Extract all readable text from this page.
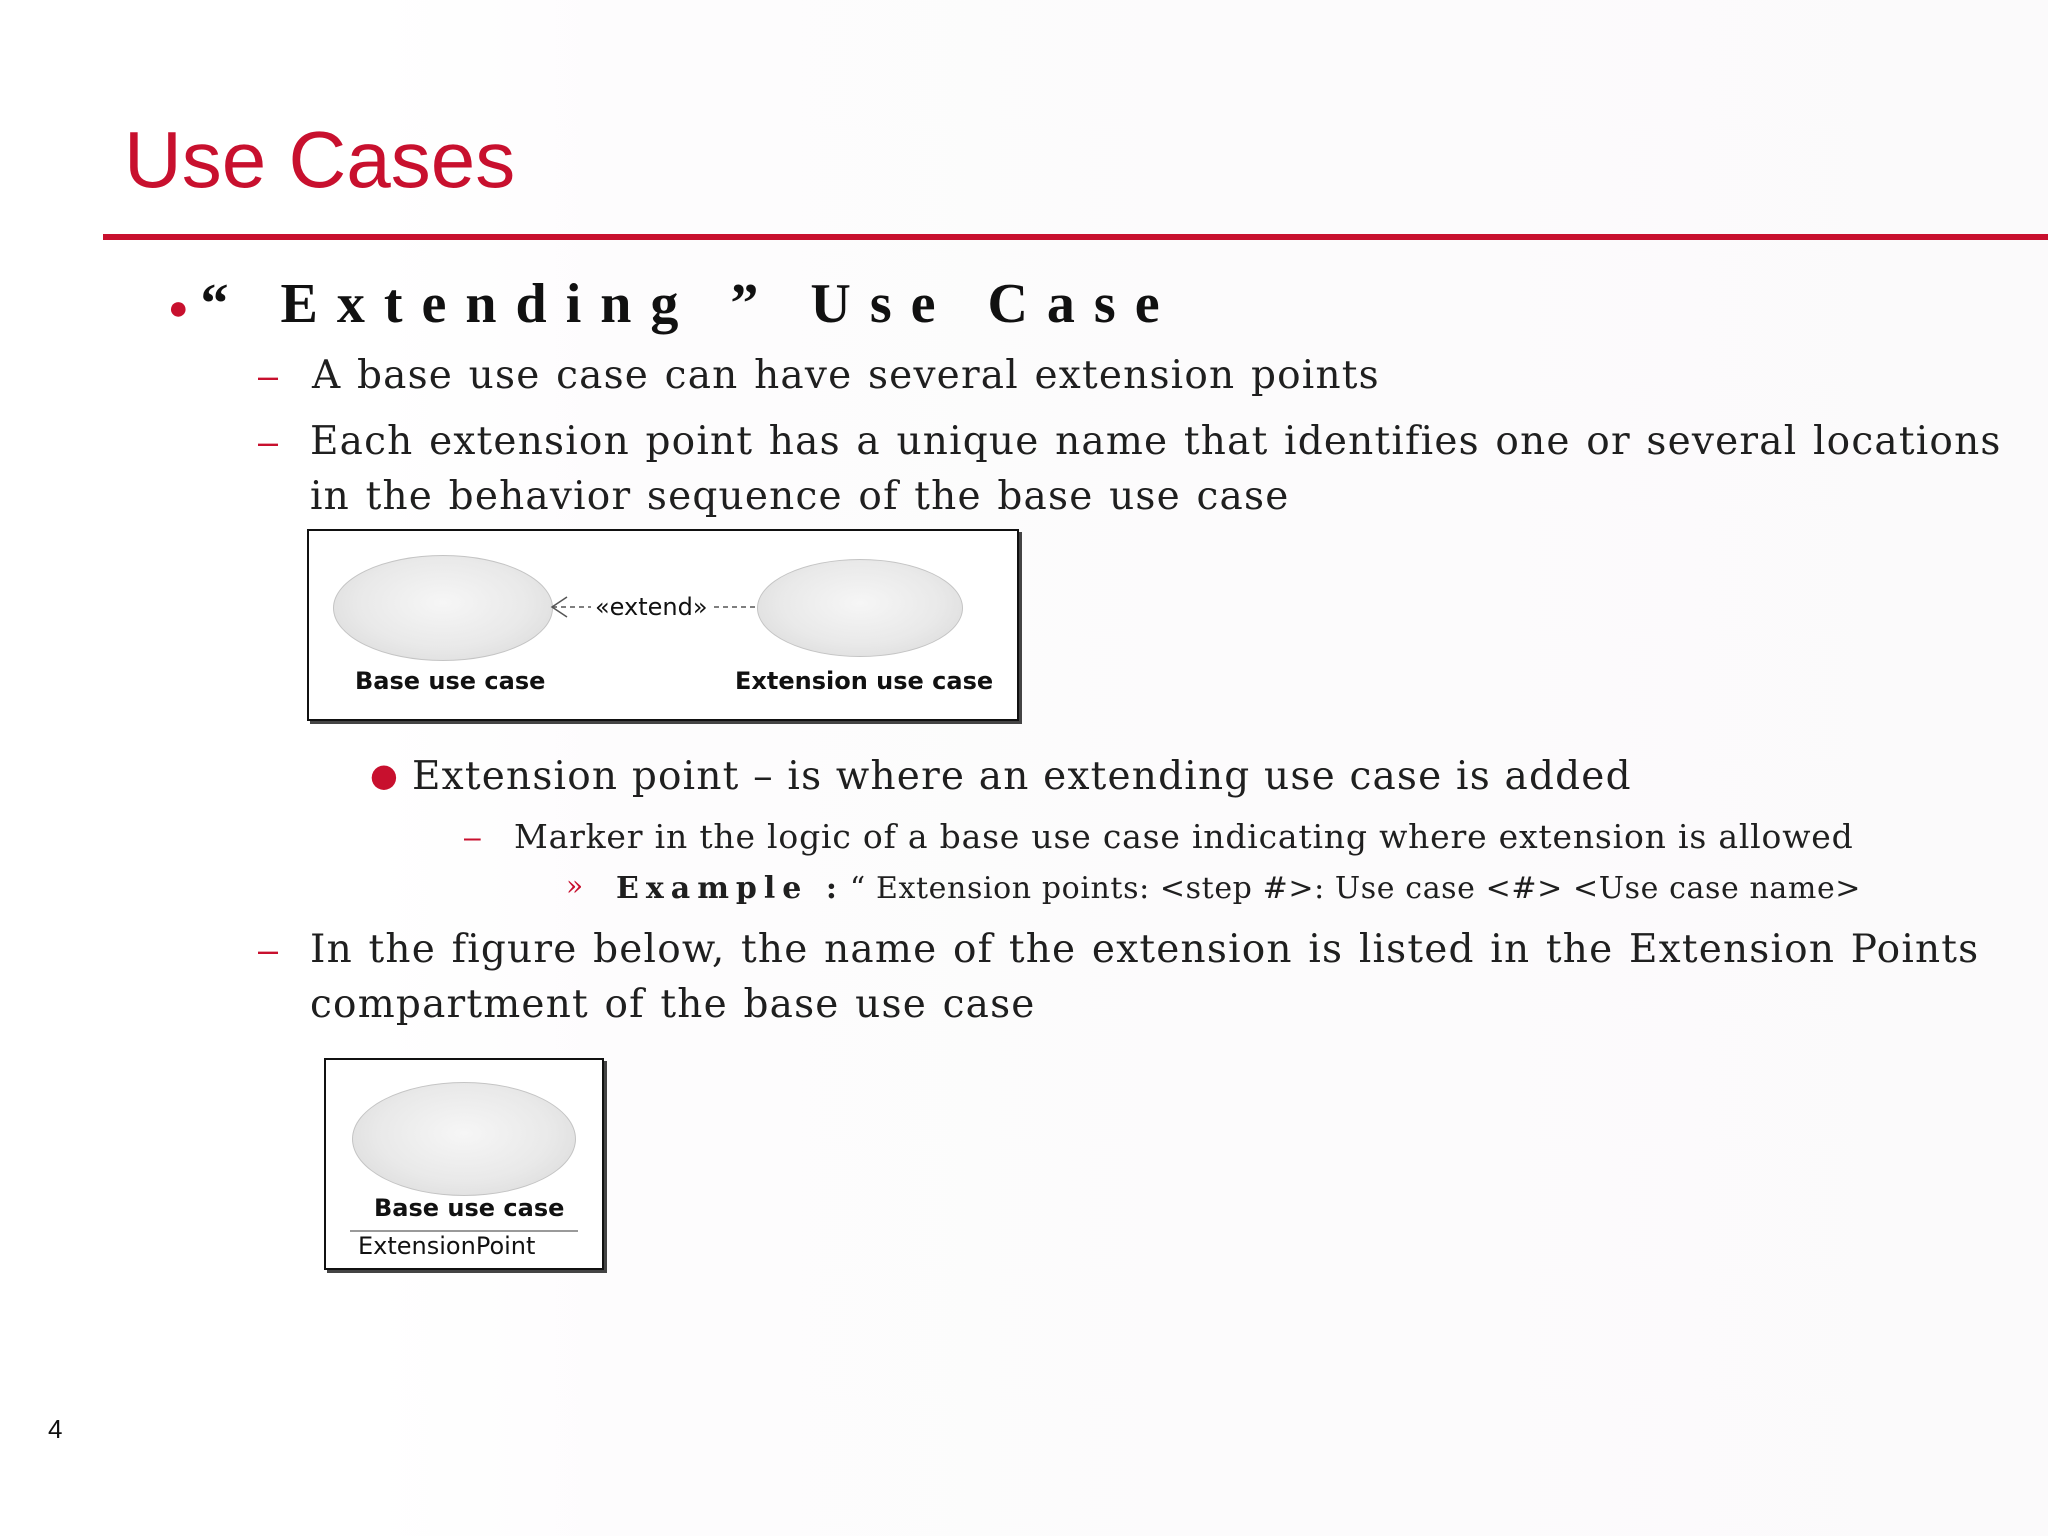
Use Cases
● “ Extending ” Use Case
– A base use case can have several extension points
– Each extension point has a unique name that identifies one or several locations
in the behavior sequence of the base use case
«extend»
Base use case	Extension use case
● Extension point – is where an extending use case is added
– Marker in the logic of a base use case indicating where extension is allowed
» Example : “ Extension points: <step #>: Use case <#> <Use case name>
– In the figure below, the name of the extension is listed in the Extension Points
compartment of the base use case
Base use case
ExtensionPoint
4
